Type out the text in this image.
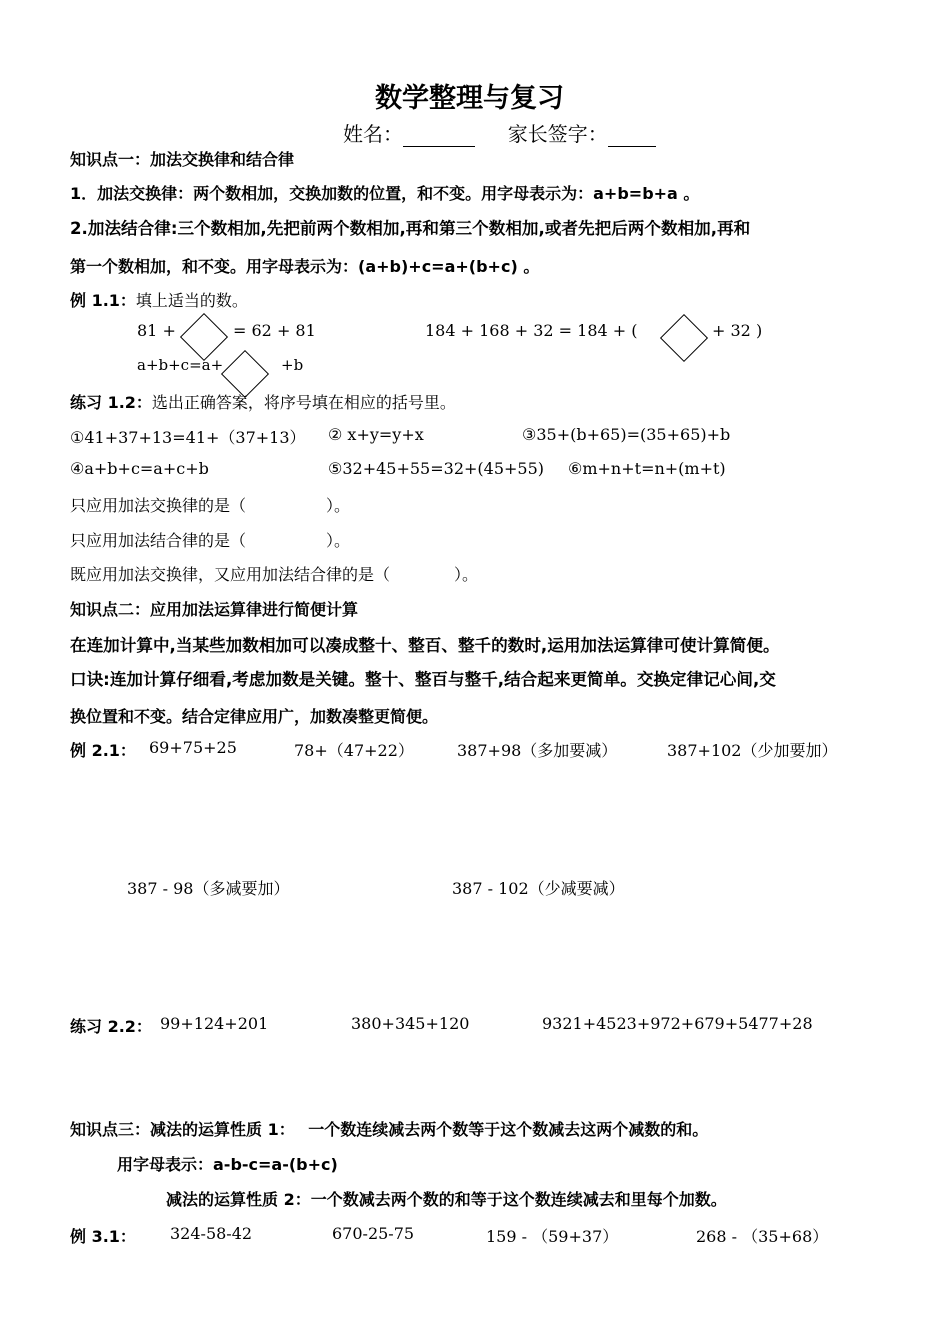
数学整理与复习
姓名：	家长签字：
知识点一：加法交换律和结合律
1．加法交换律：两个数相加，交换加数的位置，和不变。用字母表示为：a+b=b+a 。
2.加法结合律:三个数相加,先把前两个数相加,再和第三个数相加,或者先把后两个数相加,再和
第一个数相加，和不变。用字母表示为：(a+b)+c=a+(b+c) 。
例 1.1：填上适当的数。
81 +	= 62 + 81	184 + 168 + 32 = 184 + (	+ 32 )
a+b+c=a+	+b
练习 1.2：选出正确答案，将序号填在相应的括号里。
①41+37+13=41+（37+13） ② x+y=y+x	③35+(b+65)=(35+65)+b
④a+b+c=a+c+b	⑤32+45+55=32+(45+55) ⑥m+n+t=n+(m+t)
只应用加法交换律的是（　　　　　）。
只应用加法结合律的是（　　　　　）。
既应用加法交换律，又应用加法结合律的是（　　　　）。
知识点二：应用加法运算律进行简便计算
在连加计算中,当某些加数相加可以凑成整十、整百、整千的数时,运用加法运算律可使计算简便。
口诀:连加计算仔细看,考虑加数是关键。整十、整百与整千,结合起来更简单。交换定律记心间,交
换位置和不变。结合定律应用广，加数凑整更简便。
例 2.1： 69+75+25	78+（47+22）	387+98（多加要减）	387+102（少加要加）
387 - 98（多减要加）	387 - 102（少减要减）
练习 2.2： 99+124+201	380+345+120	9321+4523+972+679+5477+28
知识点三：减法的运算性质 1： 一个数连续减去两个数等于这个数减去这两个减数的和。
用字母表示：a-b-c=a-(b+c)
减法的运算性质 2：一个数减去两个数的和等于这个数连续减去和里每个加数。
例 3.1： 324-58-42	670-25-75	159 - （59+37）	268 - （35+68）
